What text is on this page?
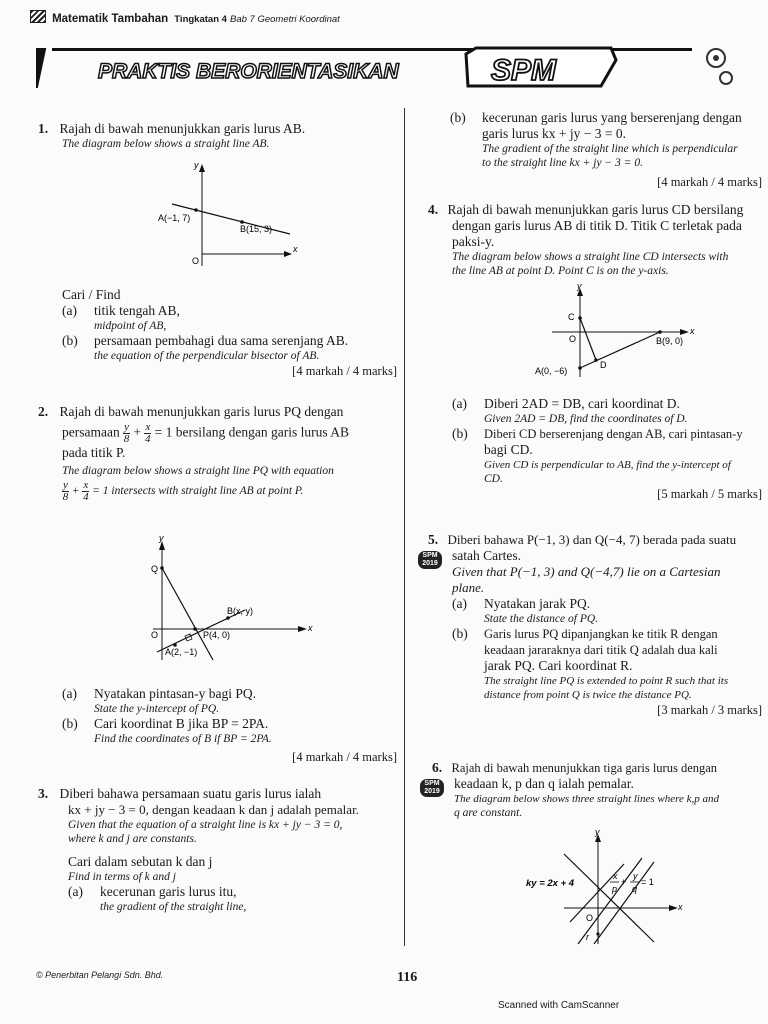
Matematik Tambahan Tingkatan 4 Bab 7 Geometri Koordinat
PRAKTIS BERORIENTASIKAN	SPM
1. Rajah di bawah menunjukkan garis lurus AB.
The diagram below shows a straight line AB.
x
y
O
A(−1, 7)
B(15, 3)
Cari / Find
(a) titik tengah AB,
midpoint of AB,
(b) persamaan pembahagi dua sama serenjang AB.
the equation of the perpendicular bisector of AB.
[4 markah / 4 marks]
2. Rajah di bawah menunjukkan garis lurus PQ dengan
persamaan $\frac{y}{8} + \frac{x}{4} = 1$ bersilang dengan garis lurus AB
pada titik P.
The diagram below shows a straight line PQ with equation
$\frac{y}{8} + \frac{x}{4} = 1$ intersects with straight line AB at point P.
x
y
O
Q
B(x, y)
P(4, 0)
A(2, −1)
(a) Nyatakan pintasan-y bagi PQ.
State the y-intercept of PQ.
(b) Cari koordinat B jika BP = 2PA.
Find the coordinates of B if BP = 2PA.
[4 markah / 4 marks]
3. Diberi bahawa persamaan suatu garis lurus ialah
kx + jy − 3 = 0, dengan keadaan k dan j adalah pemalar.
Given that the equation of a straight line is kx + jy − 3 = 0,
where k and j are constants.
Cari dalam sebutan k dan j
Find in terms of k and j
(a) kecerunan garis lurus itu,
the gradient of the straight line,
(b) kecerunan garis lurus yang berserenjang dengan
garis lurus kx + jy − 3 = 0.
The gradient of the straight line which is perpendicular
to the straight line kx + jy − 3 = 0.
[4 markah / 4 marks]
4. Rajah di bawah menunjukkan garis lurus CD bersilang
dengan garis lurus AB di titik D. Titik C terletak pada
paksi-y.
The diagram below shows a straight line CD intersects with
the line AB at point D. Point C is on the y-axis.
x
y
O
C
B(9, 0)
A(0, −6)
D
(a) Diberi 2AD = DB, cari koordinat D.
Given 2AD = DB, find the coordinates of D.
(b) Diberi CD berserenjang dengan AB, cari pintasan-y
bagi CD.
Given CD is perpendicular to AB, find the y-intercept of
CD.
[5 markah / 5 marks]
5. Diberi bahawa P(−1, 3) dan Q(−4, 7) berada pada suatu
satah Cartes.
Given that P(−1, 3) and Q(−4,7) lie on a Cartesian
plane.
(a) Nyatakan jarak PQ.
State the distance of PQ.
(b) Garis lurus PQ dipanjangkan ke titik R dengan
keadaan jararaknya dari titik Q adalah dua kali
jarak PQ. Cari koordinat R.
The straight line PQ is extended to point R such that its
distance from point Q is twice the distance PQ.
[3 markah / 3 marks]
SPM
2019
6. Rajah di bawah menunjukkan tiga garis lurus dengan
keadaan k, p dan q ialah pemalar.
The diagram below shows three straight lines where k,p and
q are constant.
SPM
2019
x
y
O
r
ky = 2x + 4
x
p
+
y
q
= 1
© Penerbitan Pelangi Sdn. Bhd.	116
Scanned with CamScanner
